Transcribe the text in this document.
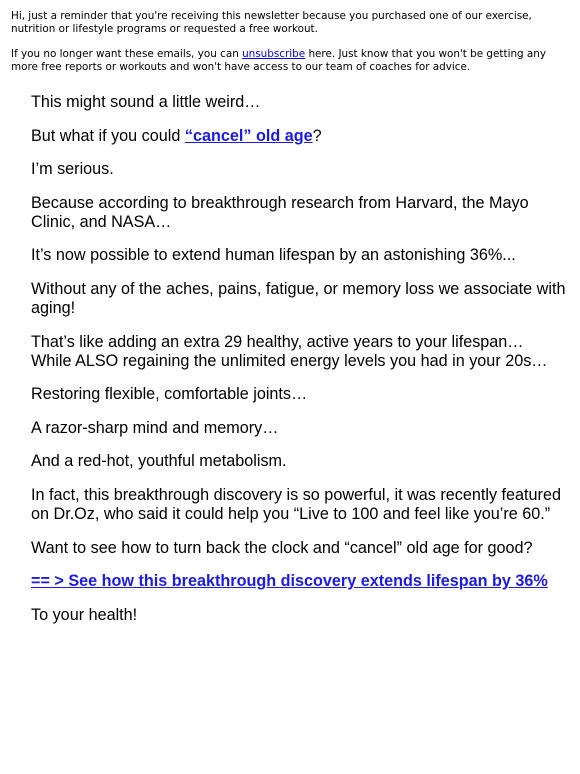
Hi, just a reminder that you're receiving this newsletter because you purchased one of our exercise, nutrition or lifestyle programs or requested a free workout.

If you no longer want these emails, you can unsubscribe here. Just know that you won't be getting any more free reports or workouts and won't have access to our team of coaches for advice.

This might sound a little weird…

But what if you could “cancel” old age?

I’m serious.

Because according to breakthrough research from Harvard, the Mayo Clinic, and NASA…

It’s now possible to extend human lifespan by an astonishing 36%...

Without any of the aches, pains, fatigue, or memory loss we associate with aging!

That’s like adding an extra 29 healthy, active years to your lifespan…
While ALSO regaining the unlimited energy levels you had in your 20s…

Restoring flexible, comfortable joints…

A razor-sharp mind and memory…

And a red-hot, youthful metabolism.

In fact, this breakthrough discovery is so powerful, it was recently featured on Dr.Oz, who said it could help you “Live to 100 and feel like you’re 60.”

Want to see how to turn back the clock and “cancel” old age for good?

== > See how this breakthrough discovery extends lifespan by 36%

To your health!
